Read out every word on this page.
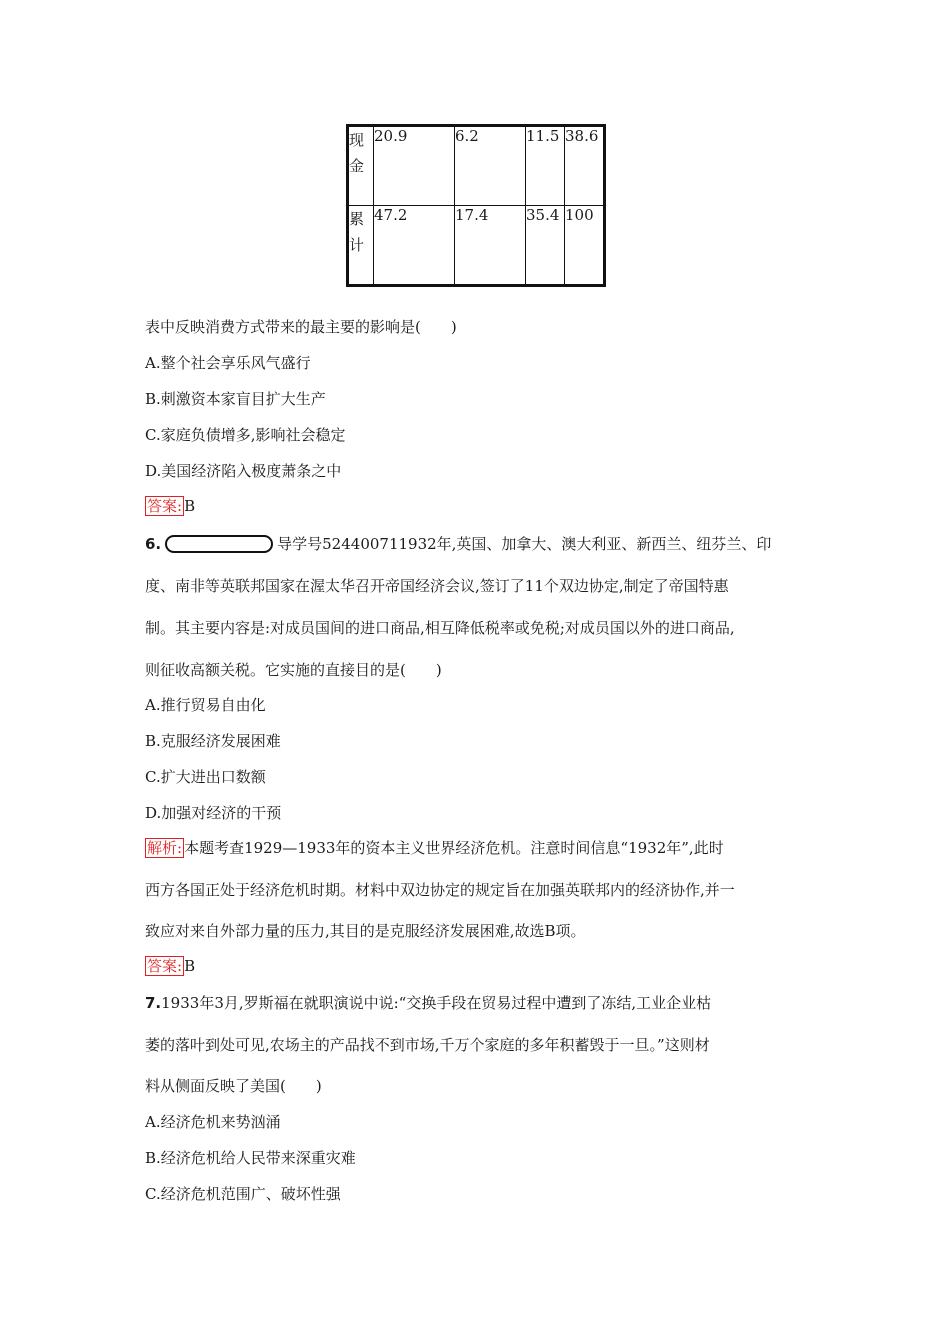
现
金	20.9	6.2	11.5	38.6

累
计	47.2	17.4	35.4	100
表中反映消费方式带来的最主要的影响是(　　)
A.整个社会享乐风气盛行
B.刺激资本家盲目扩大生产
C.家庭负债增多,影响社会稳定
D.美国经济陷入极度萧条之中
答案: B
6.	导学号524400711932年,英国、加拿大、澳大利亚、新西兰、纽芬兰、印
度、南非等英联邦国家在渥太华召开帝国经济会议,签订了11个双边协定,制定了帝国特惠
制。其主要内容是:对成员国间的进口商品,相互降低税率或免税;对成员国以外的进口商品,
则征收高额关税。它实施的直接目的是(　　)
A.推行贸易自由化
B.克服经济发展困难
C.扩大进出口数额
D.加强对经济的干预
解析: 本题考查1929—1933年的资本主义世界经济危机。注意时间信息“1932年”,此时
西方各国正处于经济危机时期。材料中双边协定的规定旨在加强英联邦内的经济协作,并一
致应对来自外部力量的压力,其目的是克服经济发展困难,故选B项。
答案: B
7.1933年3月,罗斯福在就职演说中说:“交换手段在贸易过程中遭到了冻结,工业企业枯
萎的落叶到处可见,农场主的产品找不到市场,千万个家庭的多年积蓄毁于一旦。”这则材
料从侧面反映了美国(　　)
A.经济危机来势汹涌
B.经济危机给人民带来深重灾难
C.经济危机范围广、破坏性强
